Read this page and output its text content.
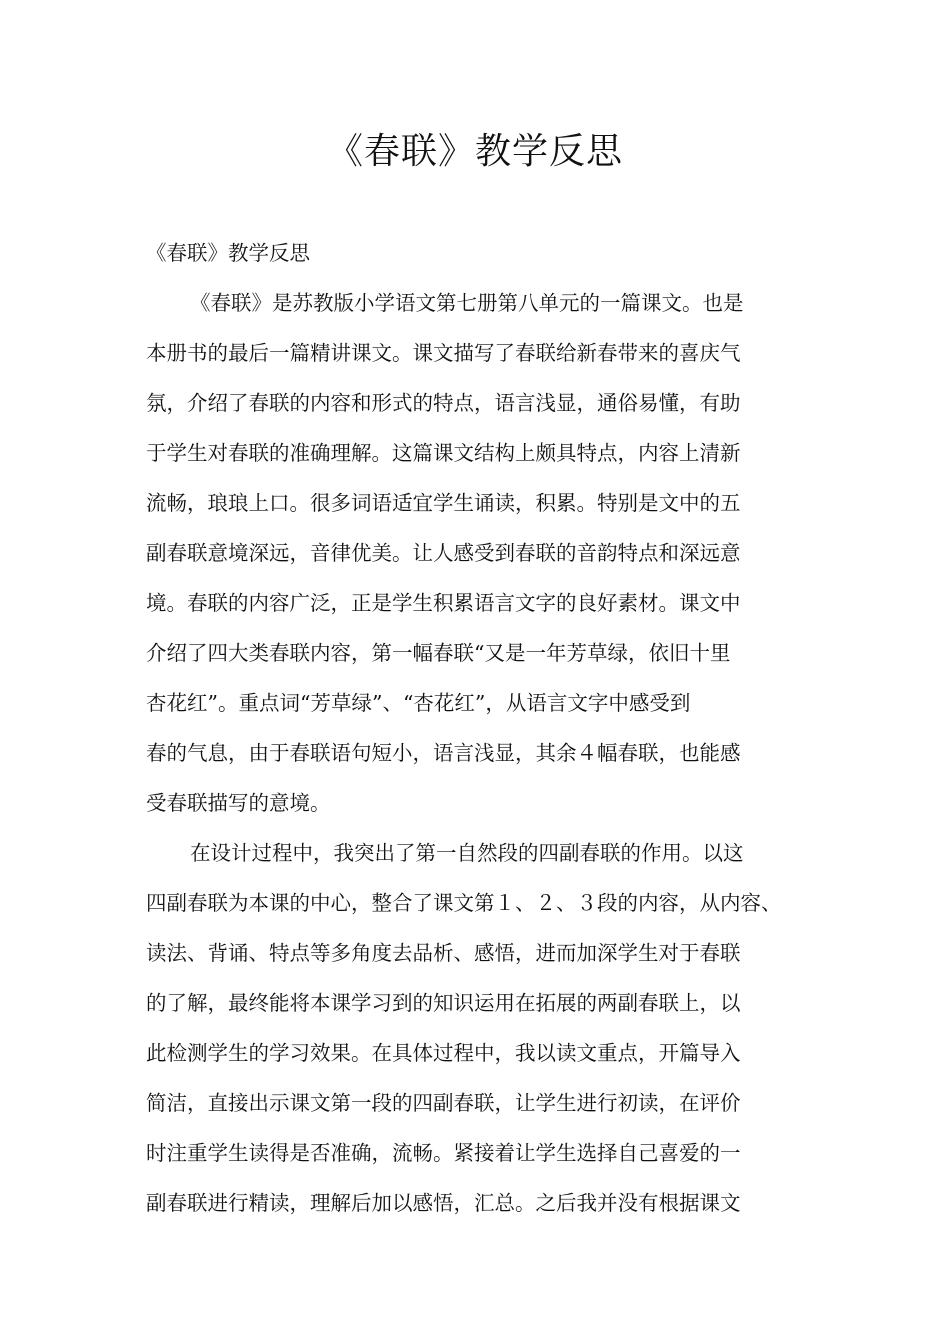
《春联》教学反思
《春联》教学反思
《春联》是苏教版小学语文第七册第八单元的一篇课文。也是
本册书的最后一篇精讲课文。课文描写了春联给新春带来的喜庆气
氛，介绍了春联的内容和形式的特点，语言浅显，通俗易懂，有助
于学生对春联的准确理解。这篇课文结构上颇具特点，内容上清新
流畅，琅琅上口。很多词语适宜学生诵读，积累。特别是文中的五
副春联意境深远，音律优美。让人感受到春联的音韵特点和深远意
境。春联的内容广泛，正是学生积累语言文字的良好素材。课文中
介绍了四大类春联内容，第一幅春联“又是一年芳草绿，依旧十里
杏花红”。重点词“芳草绿”、“杏花红”，从语言文字中感受到
春的气息，由于春联语句短小，语言浅显，其余４幅春联，也能感
受春联描写的意境。
在设计过程中，我突出了第一自然段的四副春联的作用。以这
四副春联为本课的中心，整合了课文第１、２、３段的内容，从内容、
读法、背诵、特点等多角度去品析、感悟，进而加深学生对于春联
的了解，最终能将本课学习到的知识运用在拓展的两副春联上，以
此检测学生的学习效果。在具体过程中，我以读文重点，开篇导入
简洁，直接出示课文第一段的四副春联，让学生进行初读，在评价
时注重学生读得是否准确，流畅。紧接着让学生选择自己喜爱的一
副春联进行精读，理解后加以感悟，汇总。之后我并没有根据课文
